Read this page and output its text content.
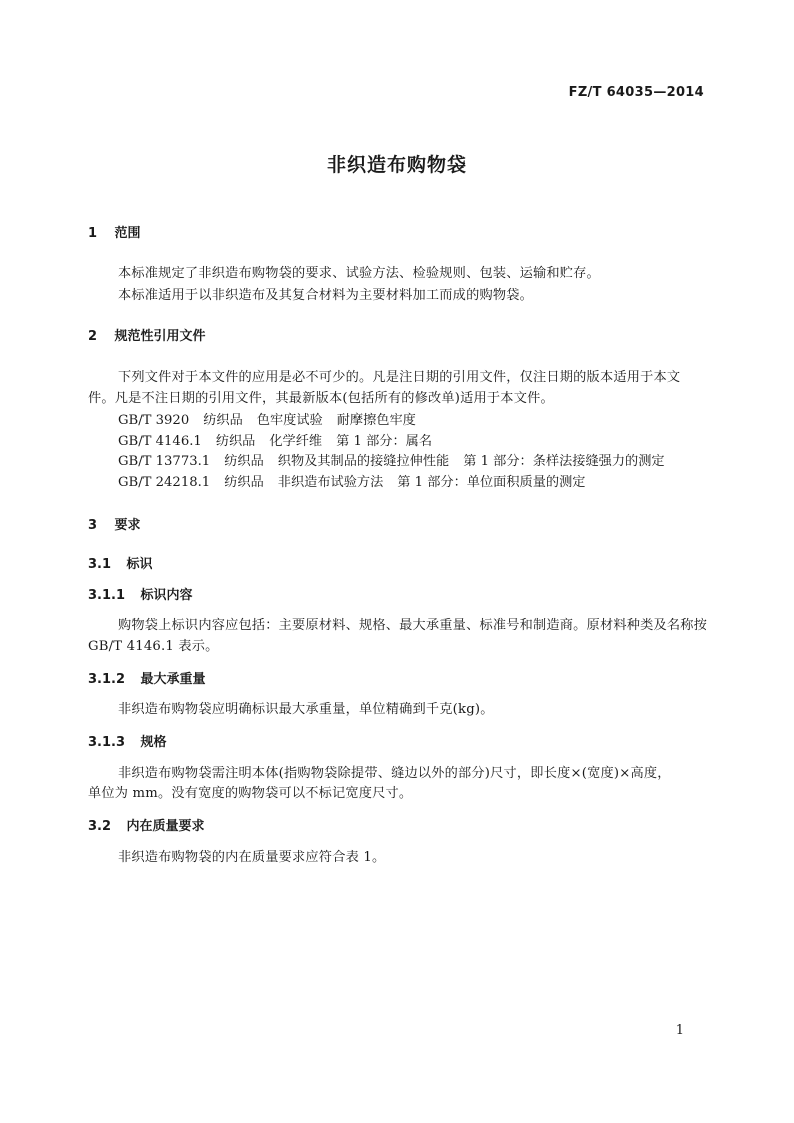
FZ/T 64035—2014
非织造布购物袋
1 范围
本标准规定了非织造布购物袋的要求、试验方法、检验规则、包装、运输和贮存。
本标准适用于以非织造布及其复合材料为主要材料加工而成的购物袋。
2 规范性引用文件
下列文件对于本文件的应用是必不可少的。凡是注日期的引用文件，仅注日期的版本适用于本文
件。凡是不注日期的引用文件，其最新版本(包括所有的修改单)适用于本文件。
GB/T 3920 纺织品 色牢度试验 耐摩擦色牢度
GB/T 4146.1 纺织品 化学纤维 第 1 部分：属名
GB/T 13773.1 纺织品 织物及其制品的接缝拉伸性能 第 1 部分：条样法接缝强力的测定
GB/T 24218.1 纺织品 非织造布试验方法 第 1 部分：单位面积质量的测定
3 要求
3.1 标识
3.1.1 标识内容
购物袋上标识内容应包括：主要原材料、规格、最大承重量、标准号和制造商。原材料种类及名称按
GB/T 4146.1 表示。
3.1.2 最大承重量
非织造布购物袋应明确标识最大承重量，单位精确到千克(kg)。
3.1.3 规格
非织造布购物袋需注明本体(指购物袋除提带、缝边以外的部分)尺寸，即长度×(宽度)×高度，
单位为 mm。没有宽度的购物袋可以不标记宽度尺寸。
3.2 内在质量要求
非织造布购物袋的内在质量要求应符合表 1。
1
